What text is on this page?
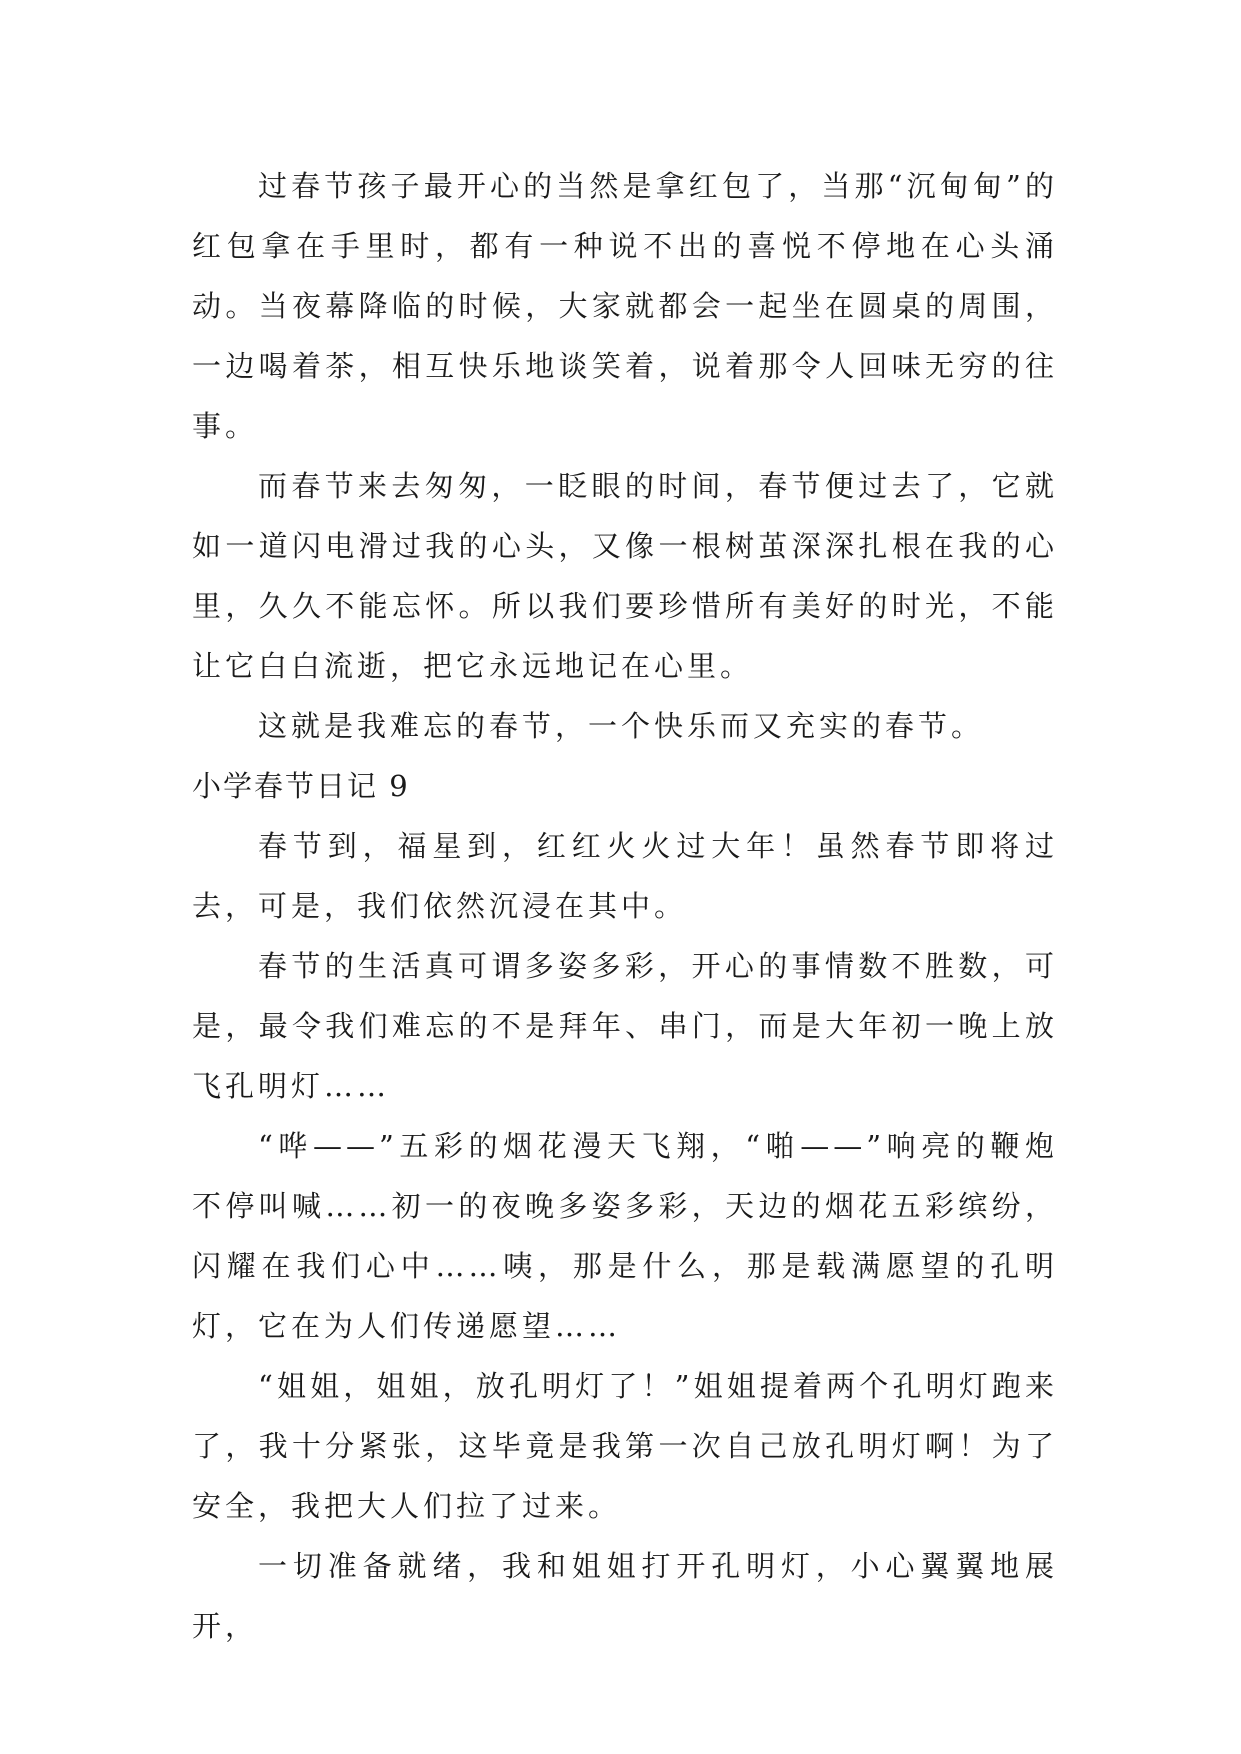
过春节孩子最开心的当然是拿红包了，当那“沉甸甸”的红包拿在手里时，都有一种说不出的喜悦不停地在心头涌动。当夜幕降临的时候，大家就都会一起坐在圆桌的周围，一边喝着茶，相互快乐地谈笑着，说着那令人回味无穷的往事。

而春节来去匆匆，一眨眼的时间，春节便过去了，它就如一道闪电滑过我的心头，又像一根树茧深深扎根在我的心里，久久不能忘怀。所以我们要珍惜所有美好的时光，不能让它白白流逝，把它永远地记在心里。

这就是我难忘的春节，一个快乐而又充实的春节。

小学春节日记 9

春节到，福星到，红红火火过大年！虽然春节即将过去，可是，我们依然沉浸在其中。

春节的生活真可谓多姿多彩，开心的事情数不胜数，可是，最令我们难忘的不是拜年、串门，而是大年初一晚上放飞孔明灯……

“哗——”五彩的烟花漫天飞翔，“啪——”响亮的鞭炮不停叫喊……初一的夜晚多姿多彩，天边的烟花五彩缤纷，闪耀在我们心中……咦，那是什么，那是载满愿望的孔明灯，它在为人们传递愿望……

“姐姐，姐姐，放孔明灯了！”姐姐提着两个孔明灯跑来了，我十分紧张，这毕竟是我第一次自己放孔明灯啊！为了安全，我把大人们拉了过来。

一切准备就绪，我和姐姐打开孔明灯，小心翼翼地展开，
